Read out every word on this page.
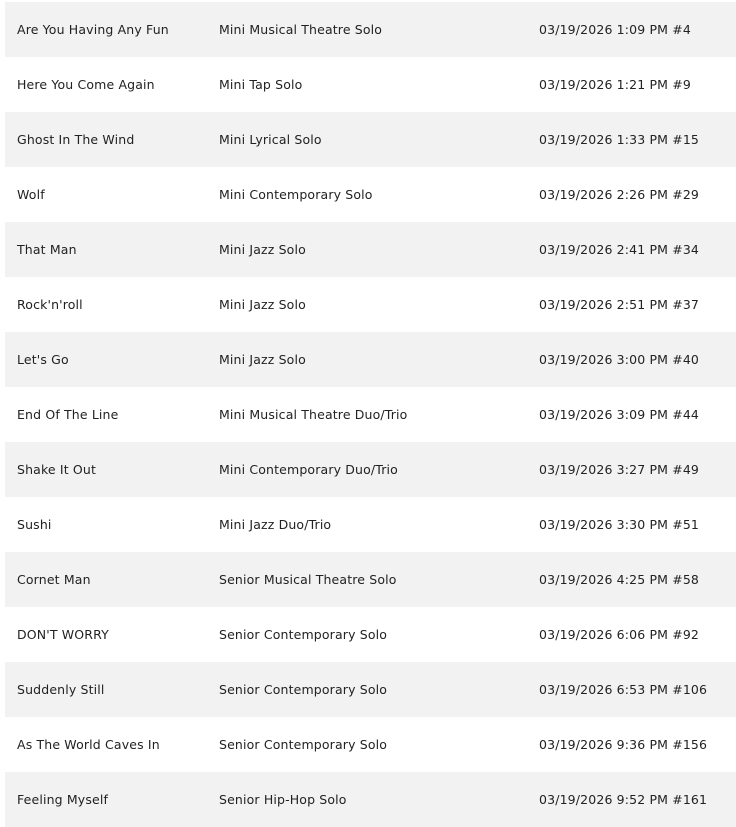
Are You Having Any Fun	Mini Musical Theatre Solo	03/19/2026 1:09 PM #4
Here You Come Again	Mini Tap Solo	03/19/2026 1:21 PM #9
Ghost In The Wind	Mini Lyrical Solo	03/19/2026 1:33 PM #15
Wolf	Mini Contemporary Solo	03/19/2026 2:26 PM #29
That Man	Mini Jazz Solo	03/19/2026 2:41 PM #34
Rock'n'roll	Mini Jazz Solo	03/19/2026 2:51 PM #37
Let's Go	Mini Jazz Solo	03/19/2026 3:00 PM #40
End Of The Line	Mini Musical Theatre Duo/Trio	03/19/2026 3:09 PM #44
Shake It Out	Mini Contemporary Duo/Trio	03/19/2026 3:27 PM #49
Sushi	Mini Jazz Duo/Trio	03/19/2026 3:30 PM #51
Cornet Man	Senior Musical Theatre Solo	03/19/2026 4:25 PM #58
DON'T WORRY	Senior Contemporary Solo	03/19/2026 6:06 PM #92
Suddenly Still	Senior Contemporary Solo	03/19/2026 6:53 PM #106
As The World Caves In	Senior Contemporary Solo	03/19/2026 9:36 PM #156
Feeling Myself	Senior Hip-Hop Solo	03/19/2026 9:52 PM #161
